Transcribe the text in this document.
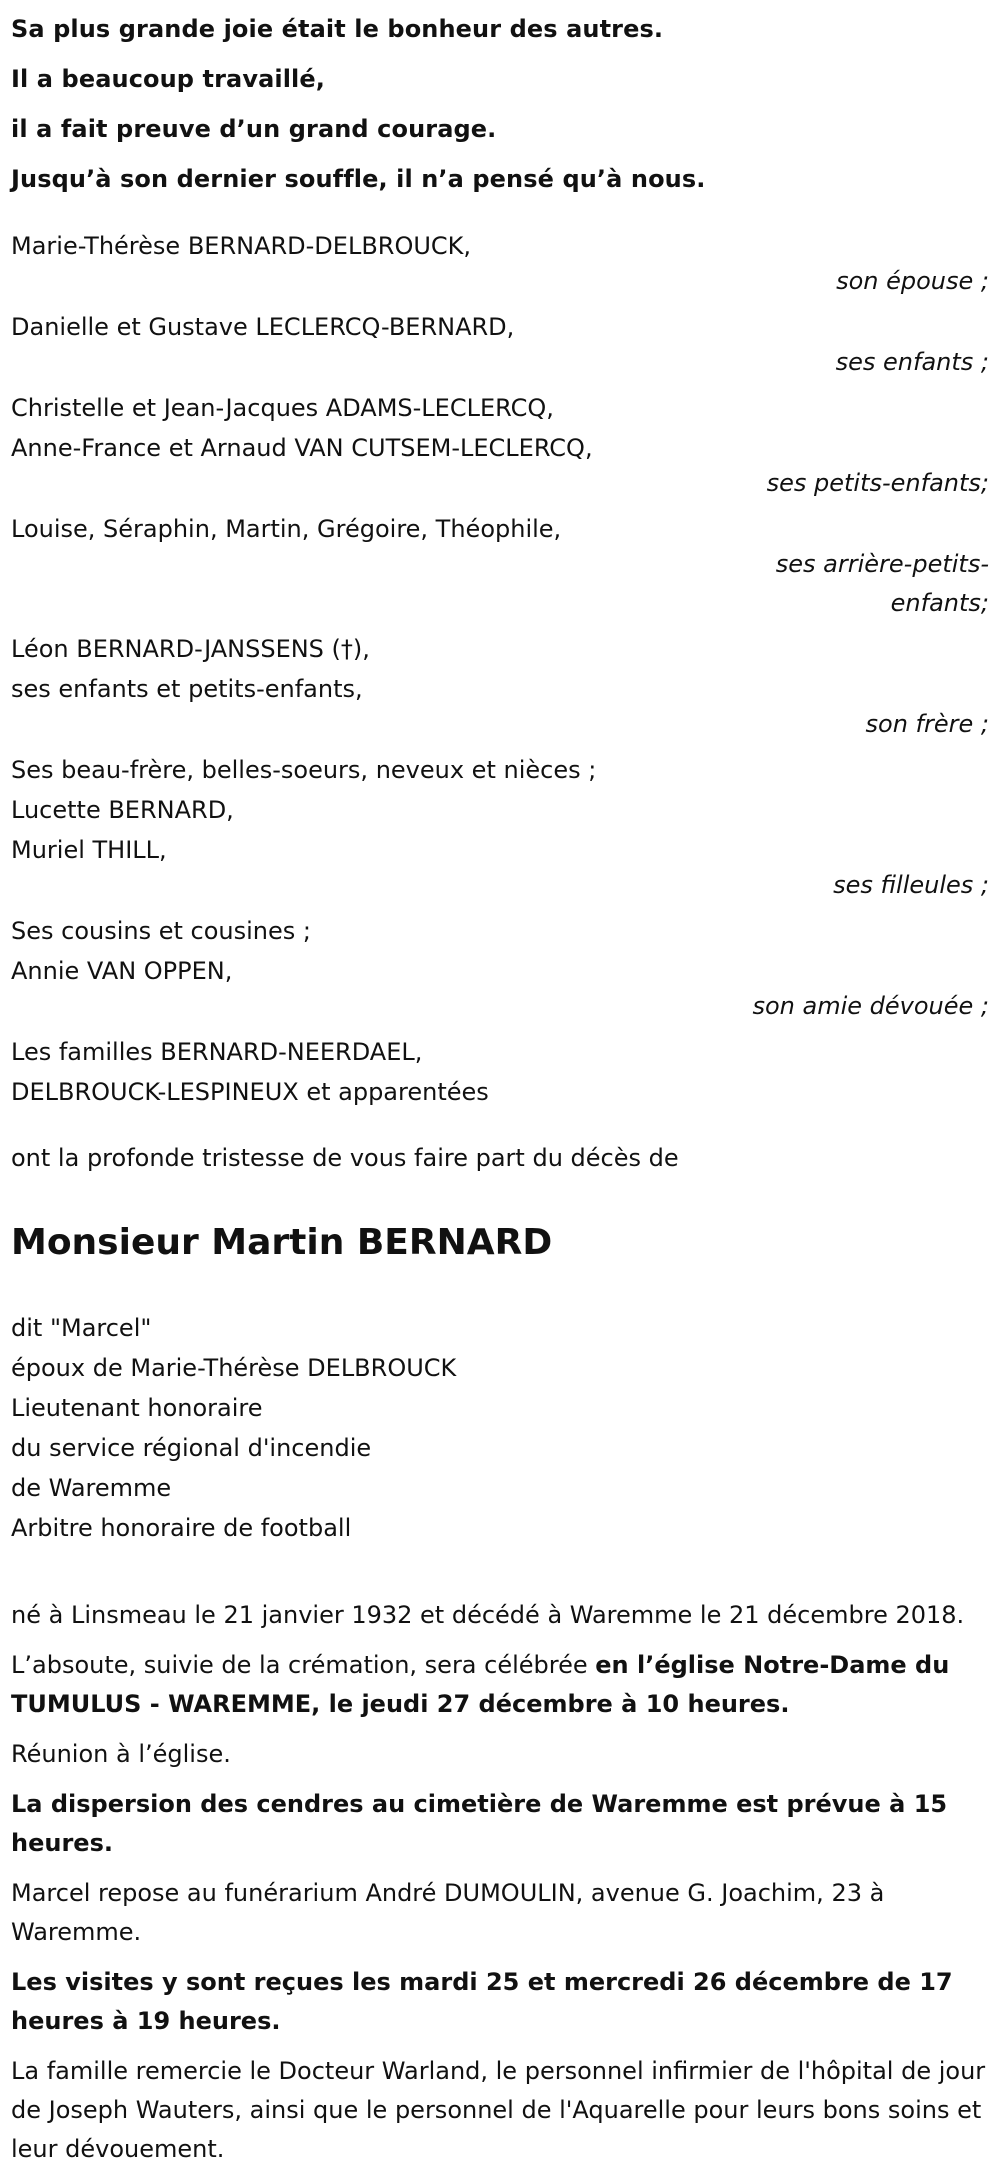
Sa plus grande joie était le bonheur des autres.

Il a beaucoup travaillé,

il a fait preuve d’un grand courage.

Jusqu’à son dernier souffle, il n’a pensé qu’à nous.

Marie-Thérèse BERNARD-DELBROUCK,
son épouse ;
Danielle et Gustave LECLERCQ-BERNARD,
ses enfants ;
Christelle et Jean-Jacques ADAMS-LECLERCQ,
Anne-France et Arnaud VAN CUTSEM-LECLERCQ,
ses petits-enfants;
Louise, Séraphin, Martin, Grégoire, Théophile,
ses arrière-petits-enfants;
Léon BERNARD-JANSSENS (†),
ses enfants et petits-enfants,
son frère ;
Ses beau-frère, belles-soeurs, neveux et nièces ;
Lucette BERNARD,
Muriel THILL,
ses filleules ;
Ses cousins et cousines ;
Annie VAN OPPEN,
son amie dévouée ;
Les familles BERNARD-NEERDAEL,
DELBROUCK-LESPINEUX et apparentées
ont la profonde tristesse de vous faire part du décès de
Monsieur Martin BERNARD
dit "Marcel"
époux de Marie-Thérèse DELBROUCK
Lieutenant honoraire
du service régional d'incendie
de Waremme
Arbitre honoraire de football

né à Linsmeau le 21 janvier 1932 et décédé à Waremme le 21 décembre 2018.

L’absoute, suivie de la crémation, sera célébrée en l’église Notre-Dame du TUMULUS - WAREMME, le jeudi 27 décembre à 10 heures.

Réunion à l’église.

La dispersion des cendres au cimetière de Waremme est prévue à 15 heures.

Marcel repose au funérarium André DUMOULIN, avenue G. Joachim, 23 à Waremme.

Les visites y sont reçues les mardi 25 et mercredi 26 décembre de 17 heures à 19 heures.

La famille remercie le Docteur Warland, le personnel infirmier de l'hôpital de jour de Joseph Wauters, ainsi que le personnel de l'Aquarelle pour leurs bons soins et leur dévouement.
